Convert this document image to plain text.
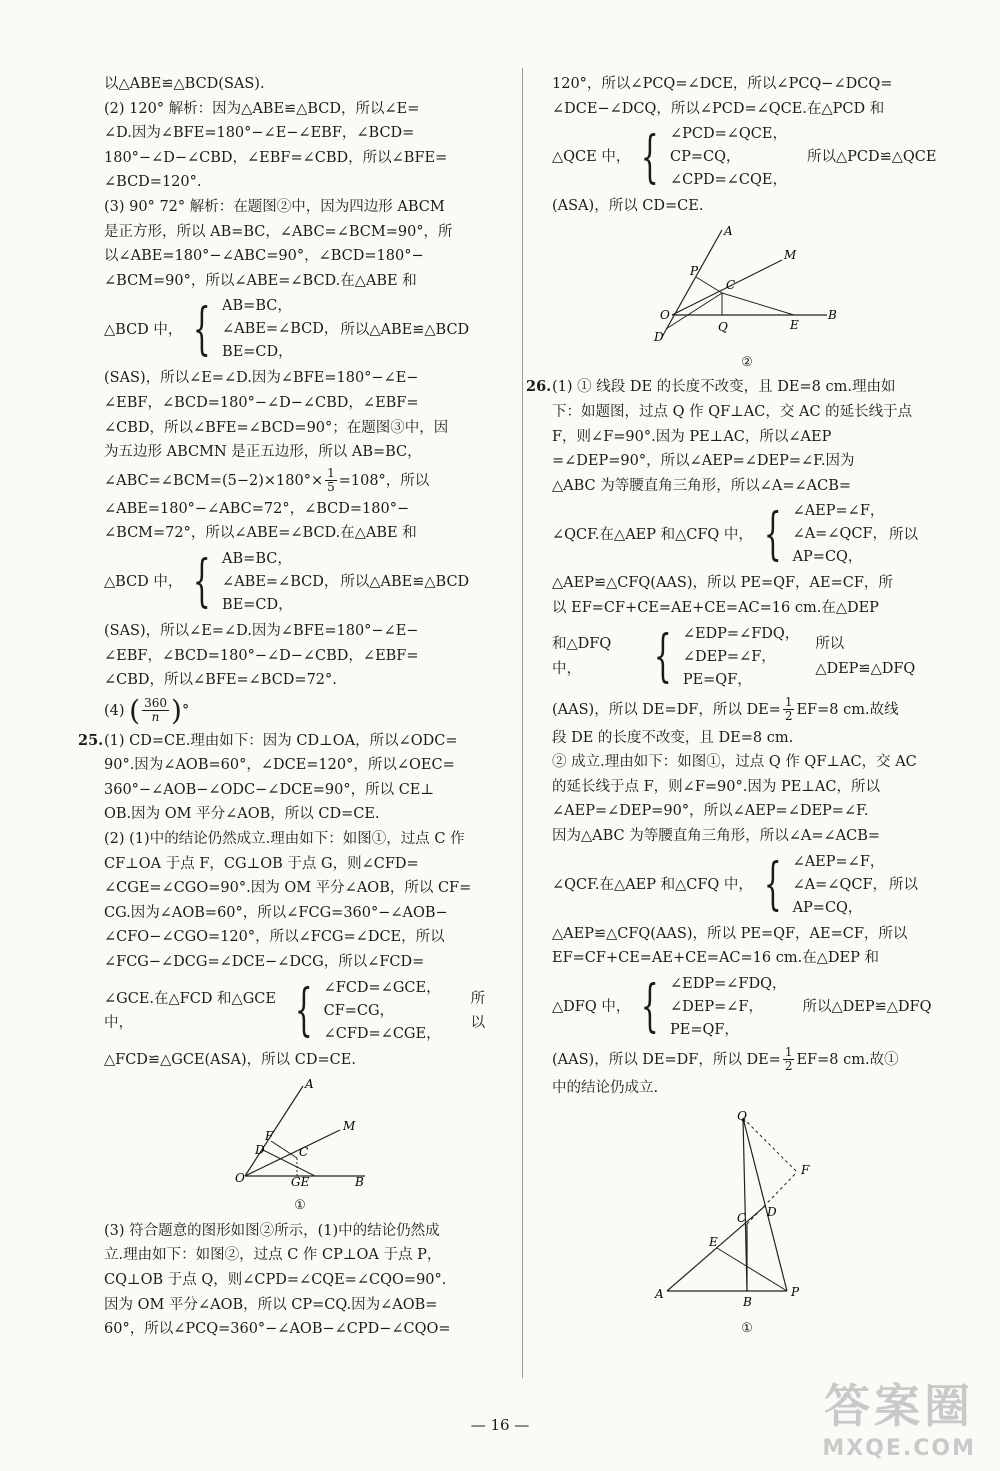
以△ABE≌△BCD(SAS).
(2) 120° 解析：因为△ABE≌△BCD，所以∠E=
∠D.因为∠BFE=180°−∠E−∠EBF，∠BCD=
180°−∠D−∠CBD，∠EBF=∠CBD，所以∠BFE=
∠BCD=120°.
(3) 90° 72° 解析：在题图②中，因为四边形 ABCM
是正方形，所以 AB=BC，∠ABC=∠BCM=90°，所
以∠ABE=180°−∠ABC=90°，∠BCD=180°−
∠BCM=90°，所以∠ABE=∠BCD.在△ABE 和
△BCD 中， { AB=BC，
∠ABE=∠BCD，
BE=CD，
所以△ABE≌△BCD
(SAS)，所以∠E=∠D.因为∠BFE=180°−∠E−
∠EBF，∠BCD=180°−∠D−∠CBD，∠EBF=
∠CBD，所以∠BFE=∠BCD=90°；在题图③中，因
为五边形 ABCMN 是正五边形，所以 AB=BC，
∠ABC=∠BCM=(5−2)×180°× $\frac{1}{5} =108^\circ$，所以
∠ABE=180°−∠ABC=72°，∠BCD=180°−
∠BCM=72°，所以∠ABE=∠BCD.在△ABE 和
△BCD 中， { AB=BC，
∠ABE=∠BCD，
BE=CD，
所以△ABE≌△BCD
(SAS)，所以∠E=∠D.因为∠BFE=180°−∠E−
∠EBF，∠BCD=180°−∠D−∠CBD，∠EBF=
∠CBD，所以∠BFE=∠BCD=72°.
(4) ( $\frac{360}{n}$ )°
25.(1) CD=CE.理由如下：因为 CD⊥OA，所以∠ODC=
90°.因为∠AOB=60°，∠DCE=120°，所以∠OEC=
360°−∠AOB−∠ODC−∠DCE=90°，所以 CE⊥
OB.因为 OM 平分∠AOB，所以 CD=CE.
(2) (1)中的结论仍然成立.理由如下：如图①，过点 C 作
CF⊥OA 于点 F，CG⊥OB 于点 G，则∠CFD=
∠CGE=∠CGO=90°.因为 OM 平分∠AOB，所以 CF=
CG.因为∠AOB=60°，所以∠FCG=360°−∠AOB−
∠CFO−∠CGO=120°，所以∠FCG=∠DCE，所以
∠FCG−∠DCG=∠DCE−∠DCG，所以∠FCD=
∠GCE.在△FCD 和△GCE 中，	{ ∠FCD=∠GCE，
CF=CG，
∠CFD=∠CGE，
所以
△FCD≌△GCE(ASA)，所以 CD=CE.
A
M
O	B
F
D	C
GE
①
(3) 符合题意的图形如图②所示，(1)中的结论仍然成
立.理由如下：如图②，过点 C 作 CP⊥OA 于点 P，
CQ⊥OB 于点 Q，则∠CPD=∠CQE=∠CQO=90°.
因为 OM 平分∠AOB，所以 CP=CQ.因为∠AOB=
60°，所以∠PCQ=360°−∠AOB−∠CPD−∠CQO=
120°，所以∠PCQ=∠DCE，所以∠PCQ−∠DCQ=
∠DCE−∠DCQ，所以∠PCD=∠QCE.在△PCD 和
△QCE 中， { ∠PCD=∠QCE，
CP=CQ，
∠CPD=∠CQE，
所以△PCD≌△QCE
(ASA)，所以 CD=CE.
A
M
P
C
O
D
Q	E
B
②
26.(1) ① 线段 DE 的长度不改变，且 DE=8 cm.理由如
下：如题图，过点 Q 作 QF⊥AC，交 AC 的延长线于点
F，则∠F=90°.因为 PE⊥AC，所以∠AEP
=∠DEP=90°，所以∠AEP=∠DEP=∠F.因为
△ABC 为等腰直角三角形，所以∠A=∠ACB=
∠QCF.在△AEP 和△CFQ 中， { ∠AEP=∠F，
∠A=∠QCF，
AP=CQ，
所以
△AEP≌△CFQ(AAS)，所以 PE=QF，AE=CF，所
以 EF=CF+CE=AE+CE=AC=16 cm.在△DEP
和△DFQ 中，	{ ∠EDP=∠FDQ，
∠DEP=∠F，
PE=QF，
所以△DEP≌△DFQ
(AAS)，所以 DE=DF，所以 $DE= \frac{1}{2} EF=8$ cm.故线
段 DE 的长度不改变，且 DE=8 cm.
② 成立.理由如下：如图①，过点 Q 作 QF⊥AC，交 AC
的延长线于点 F，则∠F=90°.因为 PE⊥AC，所以
∠AEP=∠DEP=90°，所以∠AEP=∠DEP=∠F.
因为△ABC 为等腰直角三角形，所以∠A=∠ACB=
∠QCF.在△AEP 和△CFQ 中， { ∠AEP=∠F，
∠A=∠QCF，
AP=CQ，
所以
△AEP≌△CFQ(AAS)，所以 PE=QF，AE=CF，所以
EF=CF+CE=AE+CE=AC=16 cm.在△DEP 和
△DFQ 中， { ∠EDP=∠FDQ，
∠DEP=∠F，
PE=QF，
所以△DEP≌△DFQ
(AAS)，所以 DE=DF，所以 $DE= \frac{1}{2} EF=8$ cm.故①
中的结论仍成立.
Q
F
D
C
E
A
B
P
①
— 16 —	答案圈
MXQE.COM
